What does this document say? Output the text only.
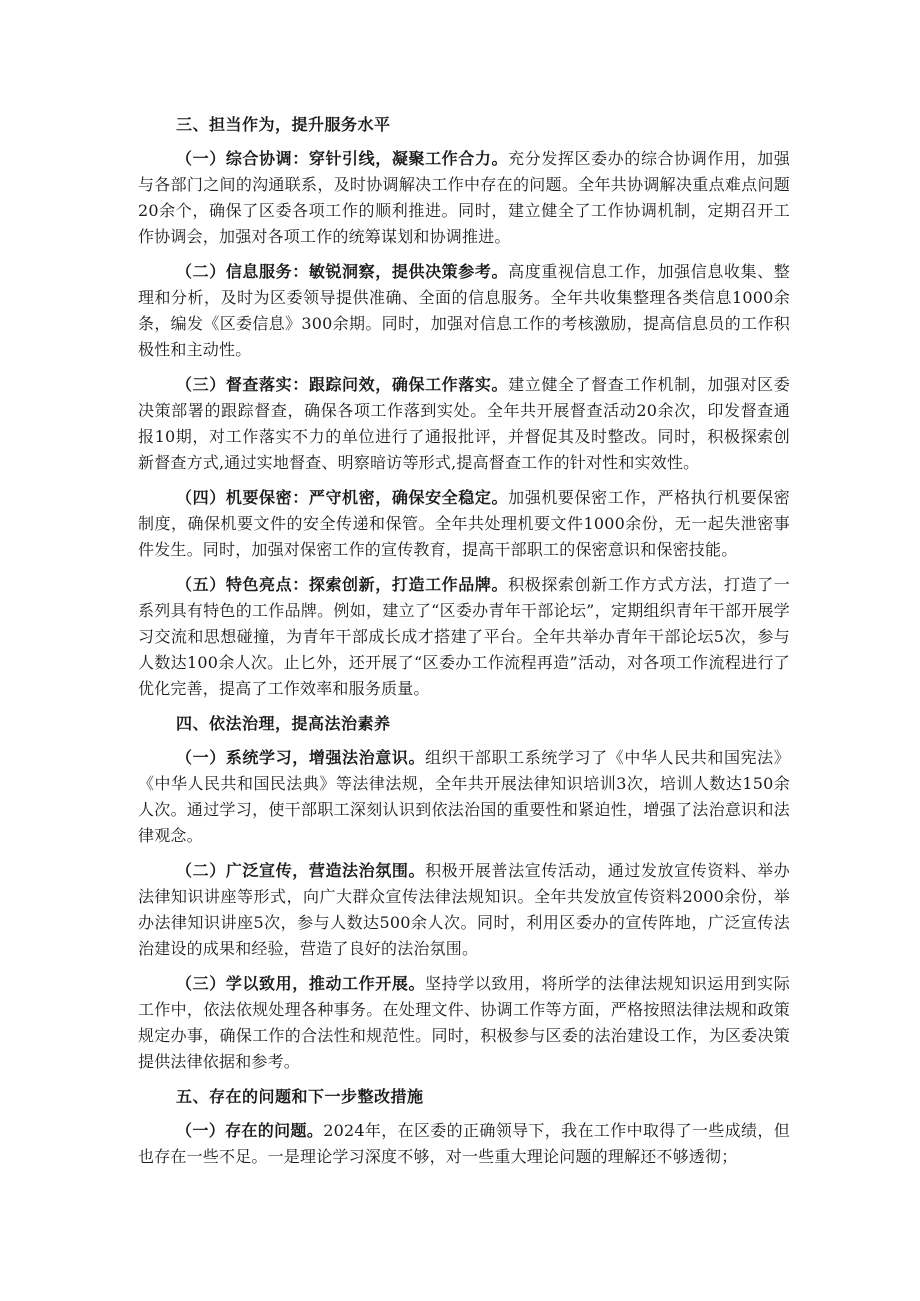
三、担当作为，提升服务水平

（一）综合协调：穿针引线，凝聚工作合力。充分发挥区委办的综合协调作用，加强与各部门之间的沟通联系，及时协调解决工作中存在的问题。全年共协调解决重点难点问题20余个，确保了区委各项工作的顺利推进。同时，建立健全了工作协调机制，定期召开工作协调会，加强对各项工作的统筹谋划和协调推进。

（二）信息服务：敏锐洞察，提供决策参考。高度重视信息工作，加强信息收集、整理和分析，及时为区委领导提供准确、全面的信息服务。全年共收集整理各类信息1000余条，编发《区委信息》300余期。同时，加强对信息工作的考核激励，提高信息员的工作积极性和主动性。

（三）督查落实：跟踪问效，确保工作落实。建立健全了督查工作机制，加强对区委决策部署的跟踪督查，确保各项工作落到实处。全年共开展督查活动20余次，印发督查通报10期，对工作落实不力的单位进行了通报批评，并督促其及时整改。同时，积极探索创新督查方式,通过实地督查、明察暗访等形式,提高督查工作的针对性和实效性。

（四）机要保密：严守机密，确保安全稳定。加强机要保密工作，严格执行机要保密制度，确保机要文件的安全传递和保管。全年共处理机要文件1000余份，无一起失泄密事件发生。同时，加强对保密工作的宣传教育，提高干部职工的保密意识和保密技能。

（五）特色亮点：探索创新，打造工作品牌。积极探索创新工作方式方法，打造了一系列具有特色的工作品牌。例如，建立了“区委办青年干部论坛”，定期组织青年干部开展学习交流和思想碰撞，为青年干部成长成才搭建了平台。全年共举办青年干部论坛5次，参与人数达100余人次。止匕外，还开展了“区委办工作流程再造”活动，对各项工作流程进行了优化完善，提高了工作效率和服务质量。

四、依法治理，提高法治素养

（一）系统学习，增强法治意识。组织干部职工系统学习了《中华人民共和国宪法》《中华人民共和国民法典》等法律法规，全年共开展法律知识培训3次，培训人数达150余人次。通过学习，使干部职工深刻认识到依法治国的重要性和紧迫性，增强了法治意识和法律观念。

（二）广泛宣传，营造法治氛围。积极开展普法宣传活动，通过发放宣传资料、举办法律知识讲座等形式，向广大群众宣传法律法规知识。全年共发放宣传资料2000余份，举办法律知识讲座5次，参与人数达500余人次。同时，利用区委办的宣传阵地，广泛宣传法治建设的成果和经验，营造了良好的法治氛围。

（三）学以致用，推动工作开展。坚持学以致用，将所学的法律法规知识运用到实际工作中，依法依规处理各种事务。在处理文件、协调工作等方面，严格按照法律法规和政策规定办事，确保工作的合法性和规范性。同时，积极参与区委的法治建设工作，为区委决策提供法律依据和参考。

五、存在的问题和下一步整改措施

（一）存在的问题。2024年，在区委的正确领导下，我在工作中取得了一些成绩，但也存在一些不足。一是理论学习深度不够，对一些重大理论问题的理解还不够透彻；
